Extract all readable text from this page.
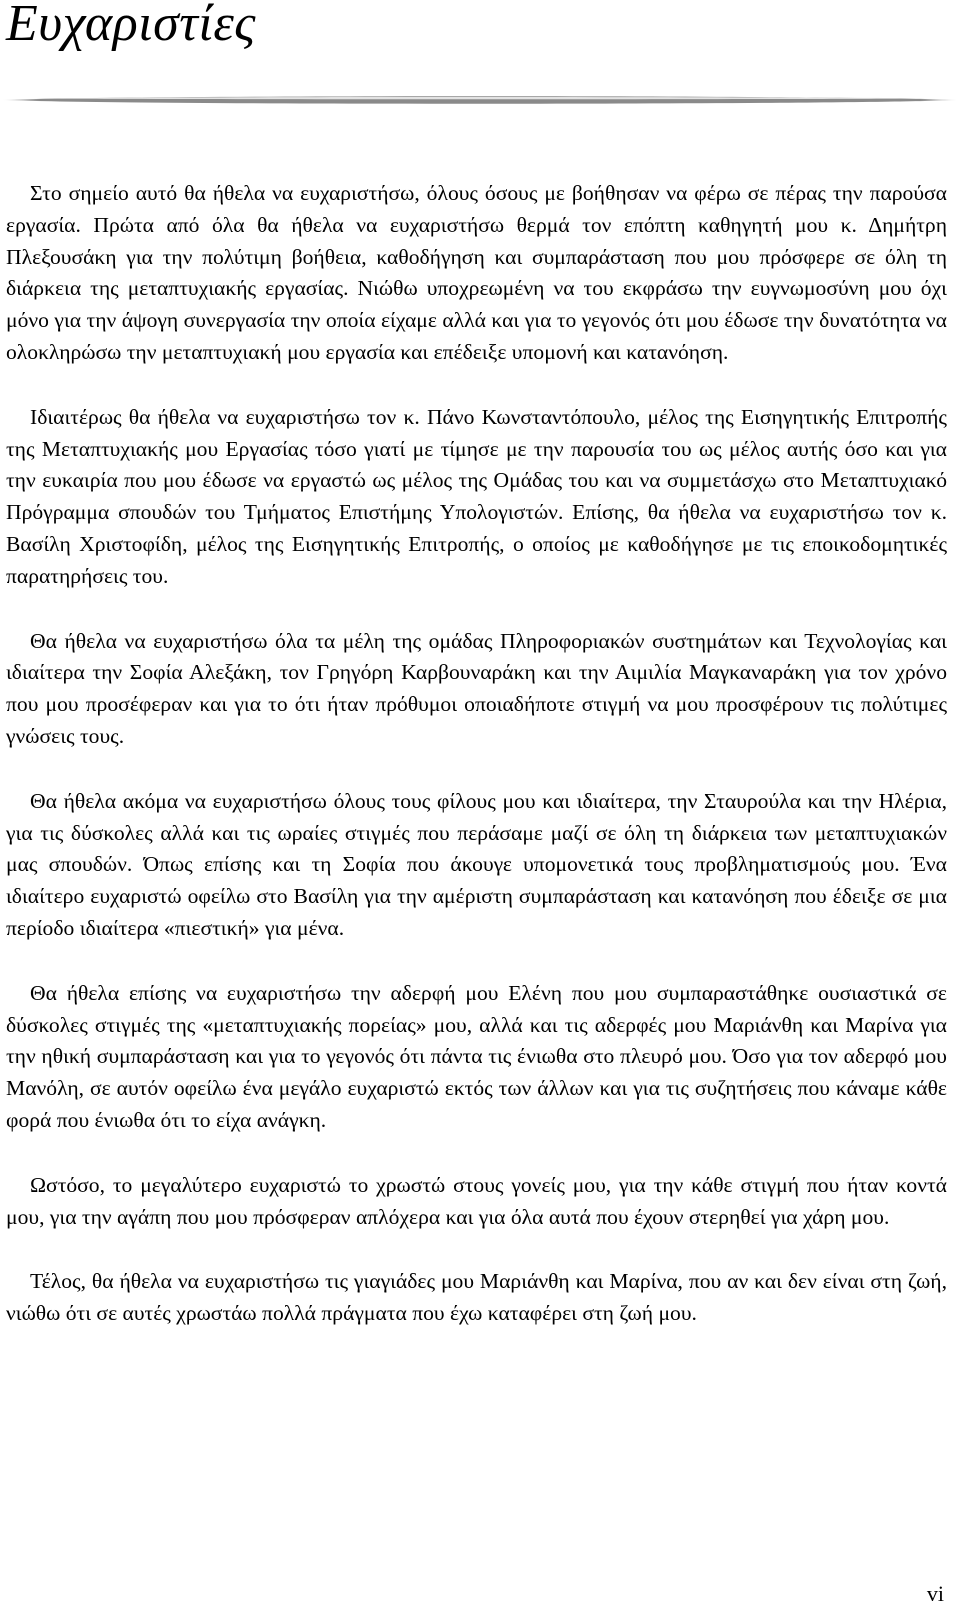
Ευχαριστίες

Στο σημείο αυτό θα ήθελα να ευχαριστήσω, όλους όσους με βοήθησαν να φέρω σε πέρας την παρούσα εργασία. Πρώτα από όλα θα ήθελα να ευχαριστήσω θερμά τον επόπτη καθηγητή μου κ. Δημήτρη Πλεξουσάκη για την πολύτιμη βοήθεια, καθοδήγηση και συμπαράσταση που μου πρόσφερε σε όλη τη διάρκεια της μεταπτυχιακής εργασίας. Νιώθω υποχρεωμένη να του εκφράσω την ευγνωμοσύνη μου όχι μόνο για την άψογη συνεργασία την οποία είχαμε αλλά και για το γεγονός ότι μου έδωσε την δυνατότητα να ολοκληρώσω την μεταπτυχιακή μου εργασία και επέδειξε υπομονή και κατανόηση.

Ιδιαιτέρως θα ήθελα να ευχαριστήσω τον κ. Πάνο Κωνσταντόπουλο, μέλος της Εισηγητικής Επιτροπής της Μεταπτυχιακής μου Εργασίας τόσο γιατί με τίμησε με την παρουσία του ως μέλος αυτής όσο και για την ευκαιρία που μου έδωσε να εργαστώ ως μέλος της Ομάδας του και να συμμετάσχω στο Μεταπτυχιακό Πρόγραμμα σπουδών του Τμήματος Επιστήμης Υπολογιστών. Επίσης, θα ήθελα να ευχαριστήσω τον κ. Βασίλη Χριστοφίδη, μέλος της Εισηγητικής Επιτροπής, ο οποίος με καθοδήγησε με τις εποικοδομητικές παρατηρήσεις του.

Θα ήθελα να ευχαριστήσω όλα τα μέλη της ομάδας Πληροφοριακών συστημάτων και Τεχνολογίας και ιδιαίτερα την Σοφία Αλεξάκη, τον Γρηγόρη Καρβουναράκη και την Αιμιλία Μαγκαναράκη για τον χρόνο που μου προσέφεραν και για το ότι ήταν πρόθυμοι οποιαδήποτε στιγμή να μου προσφέρουν τις πολύτιμες γνώσεις τους.

Θα ήθελα ακόμα να ευχαριστήσω όλους τους φίλους μου και ιδιαίτερα, την Σταυρούλα και την Ηλέρια, για τις δύσκολες αλλά και τις ωραίες στιγμές που περάσαμε μαζί σε όλη τη διάρκεια των μεταπτυχιακών μας σπουδών. Όπως επίσης και τη Σοφία που άκουγε υπομονετικά τους προβληματισμούς μου. Ένα ιδιαίτερο ευχαριστώ οφείλω στο Βασίλη για την αμέριστη συμπαράσταση και κατανόηση που έδειξε σε μια περίοδο ιδιαίτερα «πιεστική» για μένα.

Θα ήθελα επίσης να ευχαριστήσω την αδερφή μου Ελένη που μου συμπαραστάθηκε ουσιαστικά σε δύσκολες στιγμές της «μεταπτυχιακής πορείας» μου, αλλά και τις αδερφές μου Μαριάνθη και Μαρίνα για την ηθική συμπαράσταση και για το γεγονός ότι πάντα τις ένιωθα στο πλευρό μου. Όσο για τον αδερφό μου Μανόλη, σε αυτόν οφείλω ένα μεγάλο ευχαριστώ εκτός των άλλων και για τις συζητήσεις που κάναμε κάθε φορά που ένιωθα ότι το είχα ανάγκη.

Ωστόσο, το μεγαλύτερο ευχαριστώ το χρωστώ στους γονείς μου, για την κάθε στιγμή που ήταν κοντά μου, για την αγάπη που μου πρόσφεραν απλόχερα και για όλα αυτά που έχουν στερηθεί για χάρη μου.

Τέλος, θα ήθελα να ευχαριστήσω τις γιαγιάδες μου Μαριάνθη και Μαρίνα, που αν και δεν είναι στη ζωή, νιώθω ότι σε αυτές χρωστάω πολλά πράγματα που έχω καταφέρει στη ζωή μου.

vi
